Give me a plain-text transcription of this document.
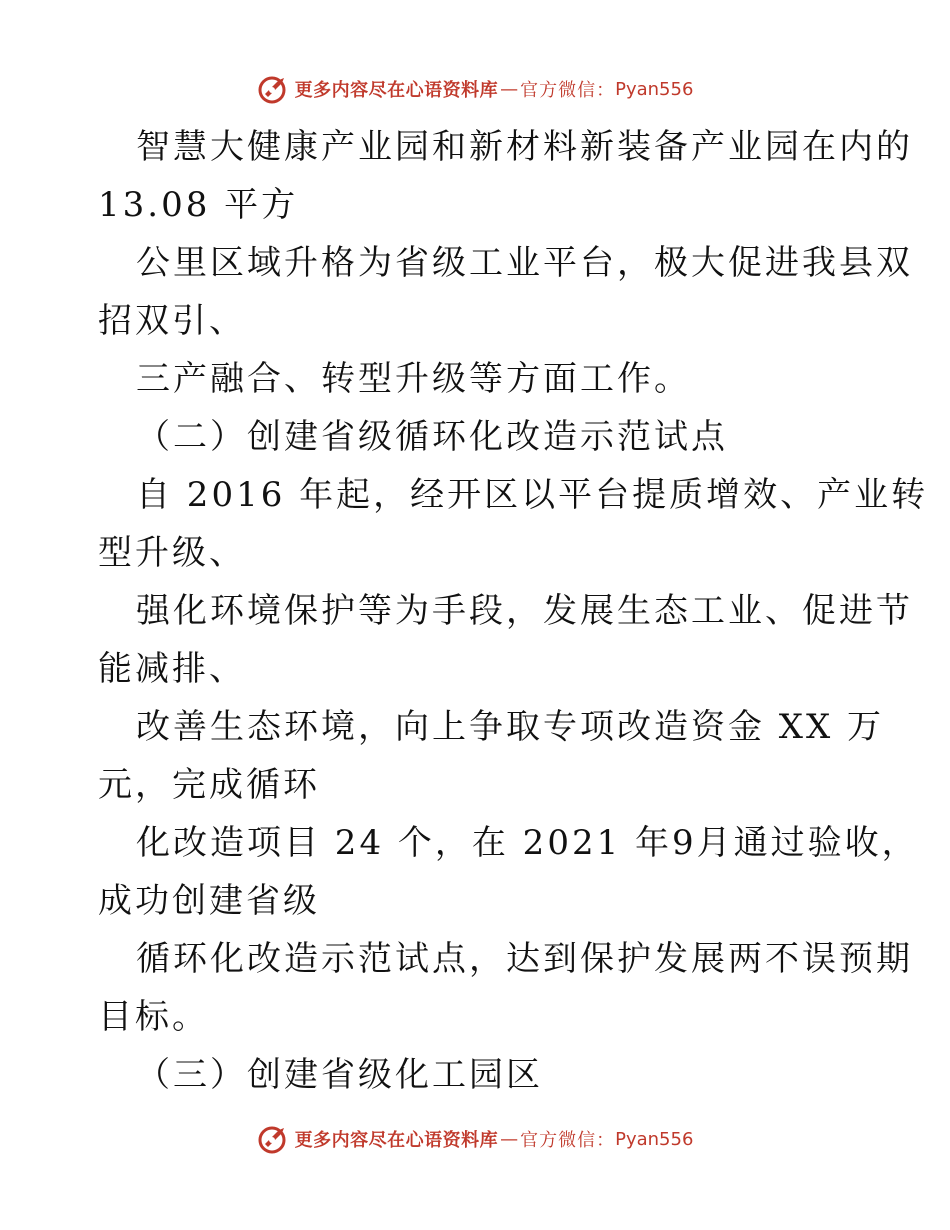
更多内容尽在心语资料库 — 官方微信： Pyan556
智慧大健康产业园和新材料新装备产业园在内的
13.08 平方
公里区域升格为省级工业平台，极大促进我县双
招双引、
三产融合、转型升级等方面工作。
（二）创建省级循环化改造示范试点
自 2016 年起，经开区以平台提质增效、产业转
型升级、
强化环境保护等为手段，发展生态工业、促进节
能减排、
改善生态环境，向上争取专项改造资金 XX 万
元，完成循环
化改造项目 24 个，在 2021 年9月通过验收，
成功创建省级
循环化改造示范试点，达到保护发展两不误预期
目标。
（三）创建省级化工园区
更多内容尽在心语资料库 — 官方微信： Pyan556
